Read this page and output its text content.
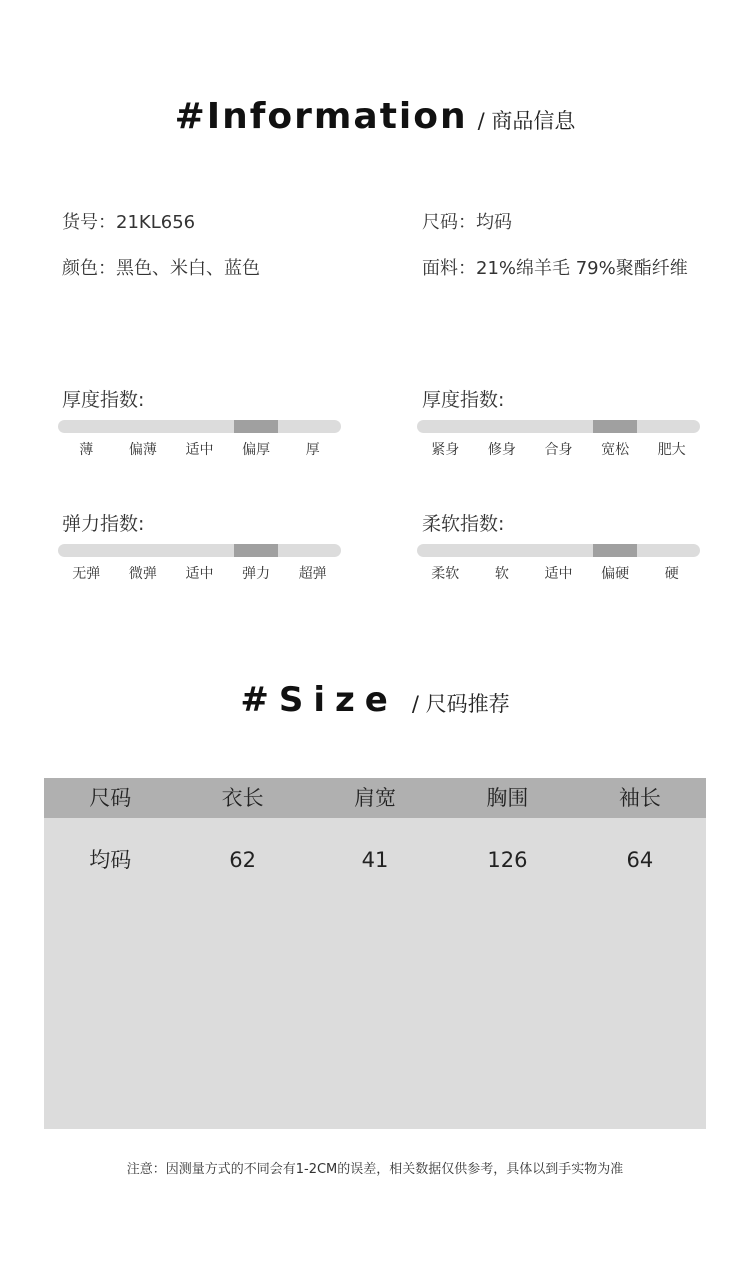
#Information / 商品信息
货号：21KL656	尺码：均码
颜色：黑色、米白、蓝色	面料：21%绵羊毛 79%聚酯纤维
厚度指数:
薄	偏薄	适中	偏厚	厚
厚度指数:
紧身	修身	合身	宽松	肥大
弹力指数:
无弹	微弹	适中	弹力	超弹
柔软指数:
柔软	软	适中	偏硬	硬
#Size / 尺码推荐
尺码	衣长	肩宽	胸围	袖长
均码	62	41	126	64
注意：因测量方式的不同会有1-2CM的误差，相关数据仅供参考，具体以到手实物为准
